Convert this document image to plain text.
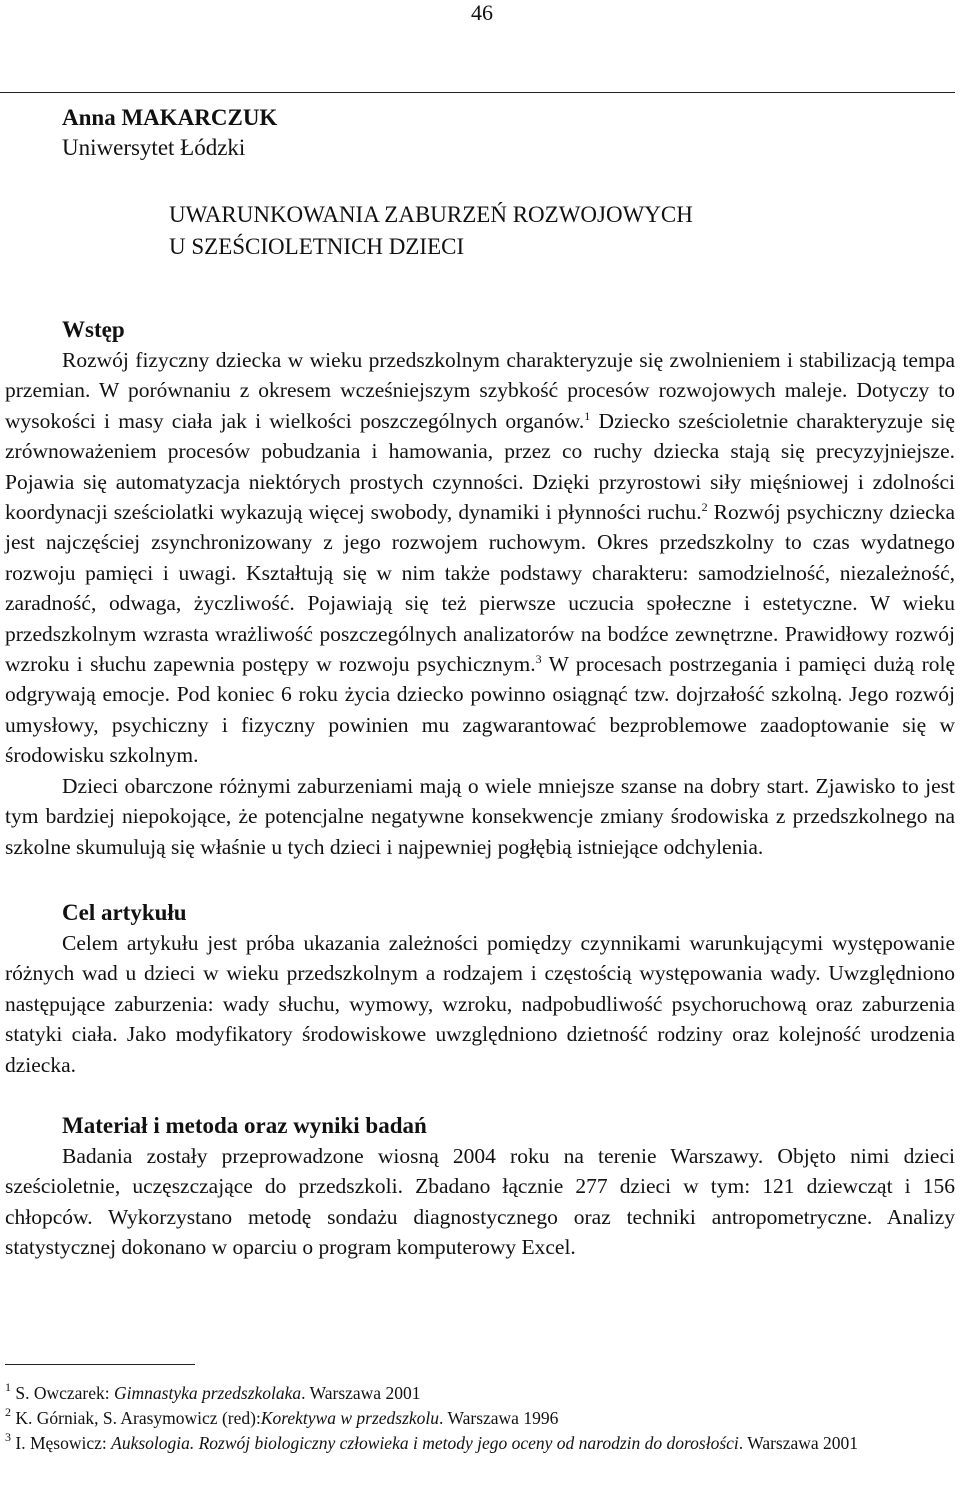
46
Anna MAKARCZUK
Uniwersytet Łódzki
UWARUNKOWANIA ZABURZEŃ ROZWOJOWYCH
U SZEŚCIOLETNICH DZIECI
Wstęp

Rozwój fizyczny dziecka w wieku przedszkolnym charakteryzuje się zwolnieniem i stabilizacją tempa przemian. W porównaniu z okresem wcześniejszym szybkość procesów rozwojowych maleje. Dotyczy to wysokości i masy ciała jak i wielkości poszczególnych organów.$^1$ Dziecko sześcioletnie charakteryzuje się zrównoważeniem procesów pobudzania i hamowania, przez co ruchy dziecka stają się precyzyjniejsze. Pojawia się automatyzacja niektórych prostych czynności. Dzięki przyrostowi siły mięśniowej i zdolności koordynacji sześciolatki wykazują więcej swobody, dynamiki i płynności ruchu.$^2$ Rozwój psychiczny dziecka jest najczęściej zsynchronizowany z jego rozwojem ruchowym. Okres przedszkolny to czas wydatnego rozwoju pamięci i uwagi. Kształtują się w nim także podstawy charakteru: samodzielność, niezależność, zaradność, odwaga, życzliwość. Pojawiają się też pierwsze uczucia społeczne i estetyczne. W wieku przedszkolnym wzrasta wrażliwość poszczególnych analizatorów na bodźce zewnętrzne. Prawidłowy rozwój wzroku i słuchu zapewnia postępy w rozwoju psychicznym.$^3$ W procesach postrzegania i pamięci dużą rolę odgrywają emocje. Pod koniec 6 roku życia dziecko powinno osiągnąć tzw. dojrzałość szkolną. Jego rozwój umysłowy, psychiczny i fizyczny powinien mu zagwarantować bezproblemowe zaadoptowanie się w środowisku szkolnym.

Dzieci obarczone różnymi zaburzeniami mają o wiele mniejsze szanse na dobry start. Zjawisko to jest tym bardziej niepokojące, że potencjalne negatywne konsekwencje zmiany środowiska z przedszkolnego na szkolne skumulują się właśnie u tych dzieci i najpewniej pogłębią istniejące odchylenia.

Cel artykułu

Celem artykułu jest próba ukazania zależności pomiędzy czynnikami warunkującymi występowanie różnych wad u dzieci w wieku przedszkolnym a rodzajem i częstością występowania wady. Uwzględniono następujące zaburzenia: wady słuchu, wymowy, wzroku, nadpobudliwość psychoruchową oraz zaburzenia statyki ciała. Jako modyfikatory środowiskowe uwzględniono dzietność rodziny oraz kolejność urodzenia dziecka.

Materiał i metoda oraz wyniki badań

Badania zostały przeprowadzone wiosną 2004 roku na terenie Warszawy. Objęto nimi dzieci sześcioletnie, uczęszczające do przedszkoli. Zbadano łącznie 277 dzieci w tym: 121 dziewcząt i 156 chłopców. Wykorzystano metodę sondażu diagnostycznego oraz techniki antropometryczne. Analizy statystycznej dokonano w oparciu o program komputerowy Excel.

$^1$ S. Owczarek: Gimnastyka przedszkolaka. Warszawa 2001

$^2$ K. Górniak, S. Arasymowicz (red):Korektywa w przedszkolu. Warszawa 1996

$^3$ I. Męsowicz: Auksologia. Rozwój biologiczny człowieka i metody jego oceny od narodzin do dorosłości. Warszawa 2001
